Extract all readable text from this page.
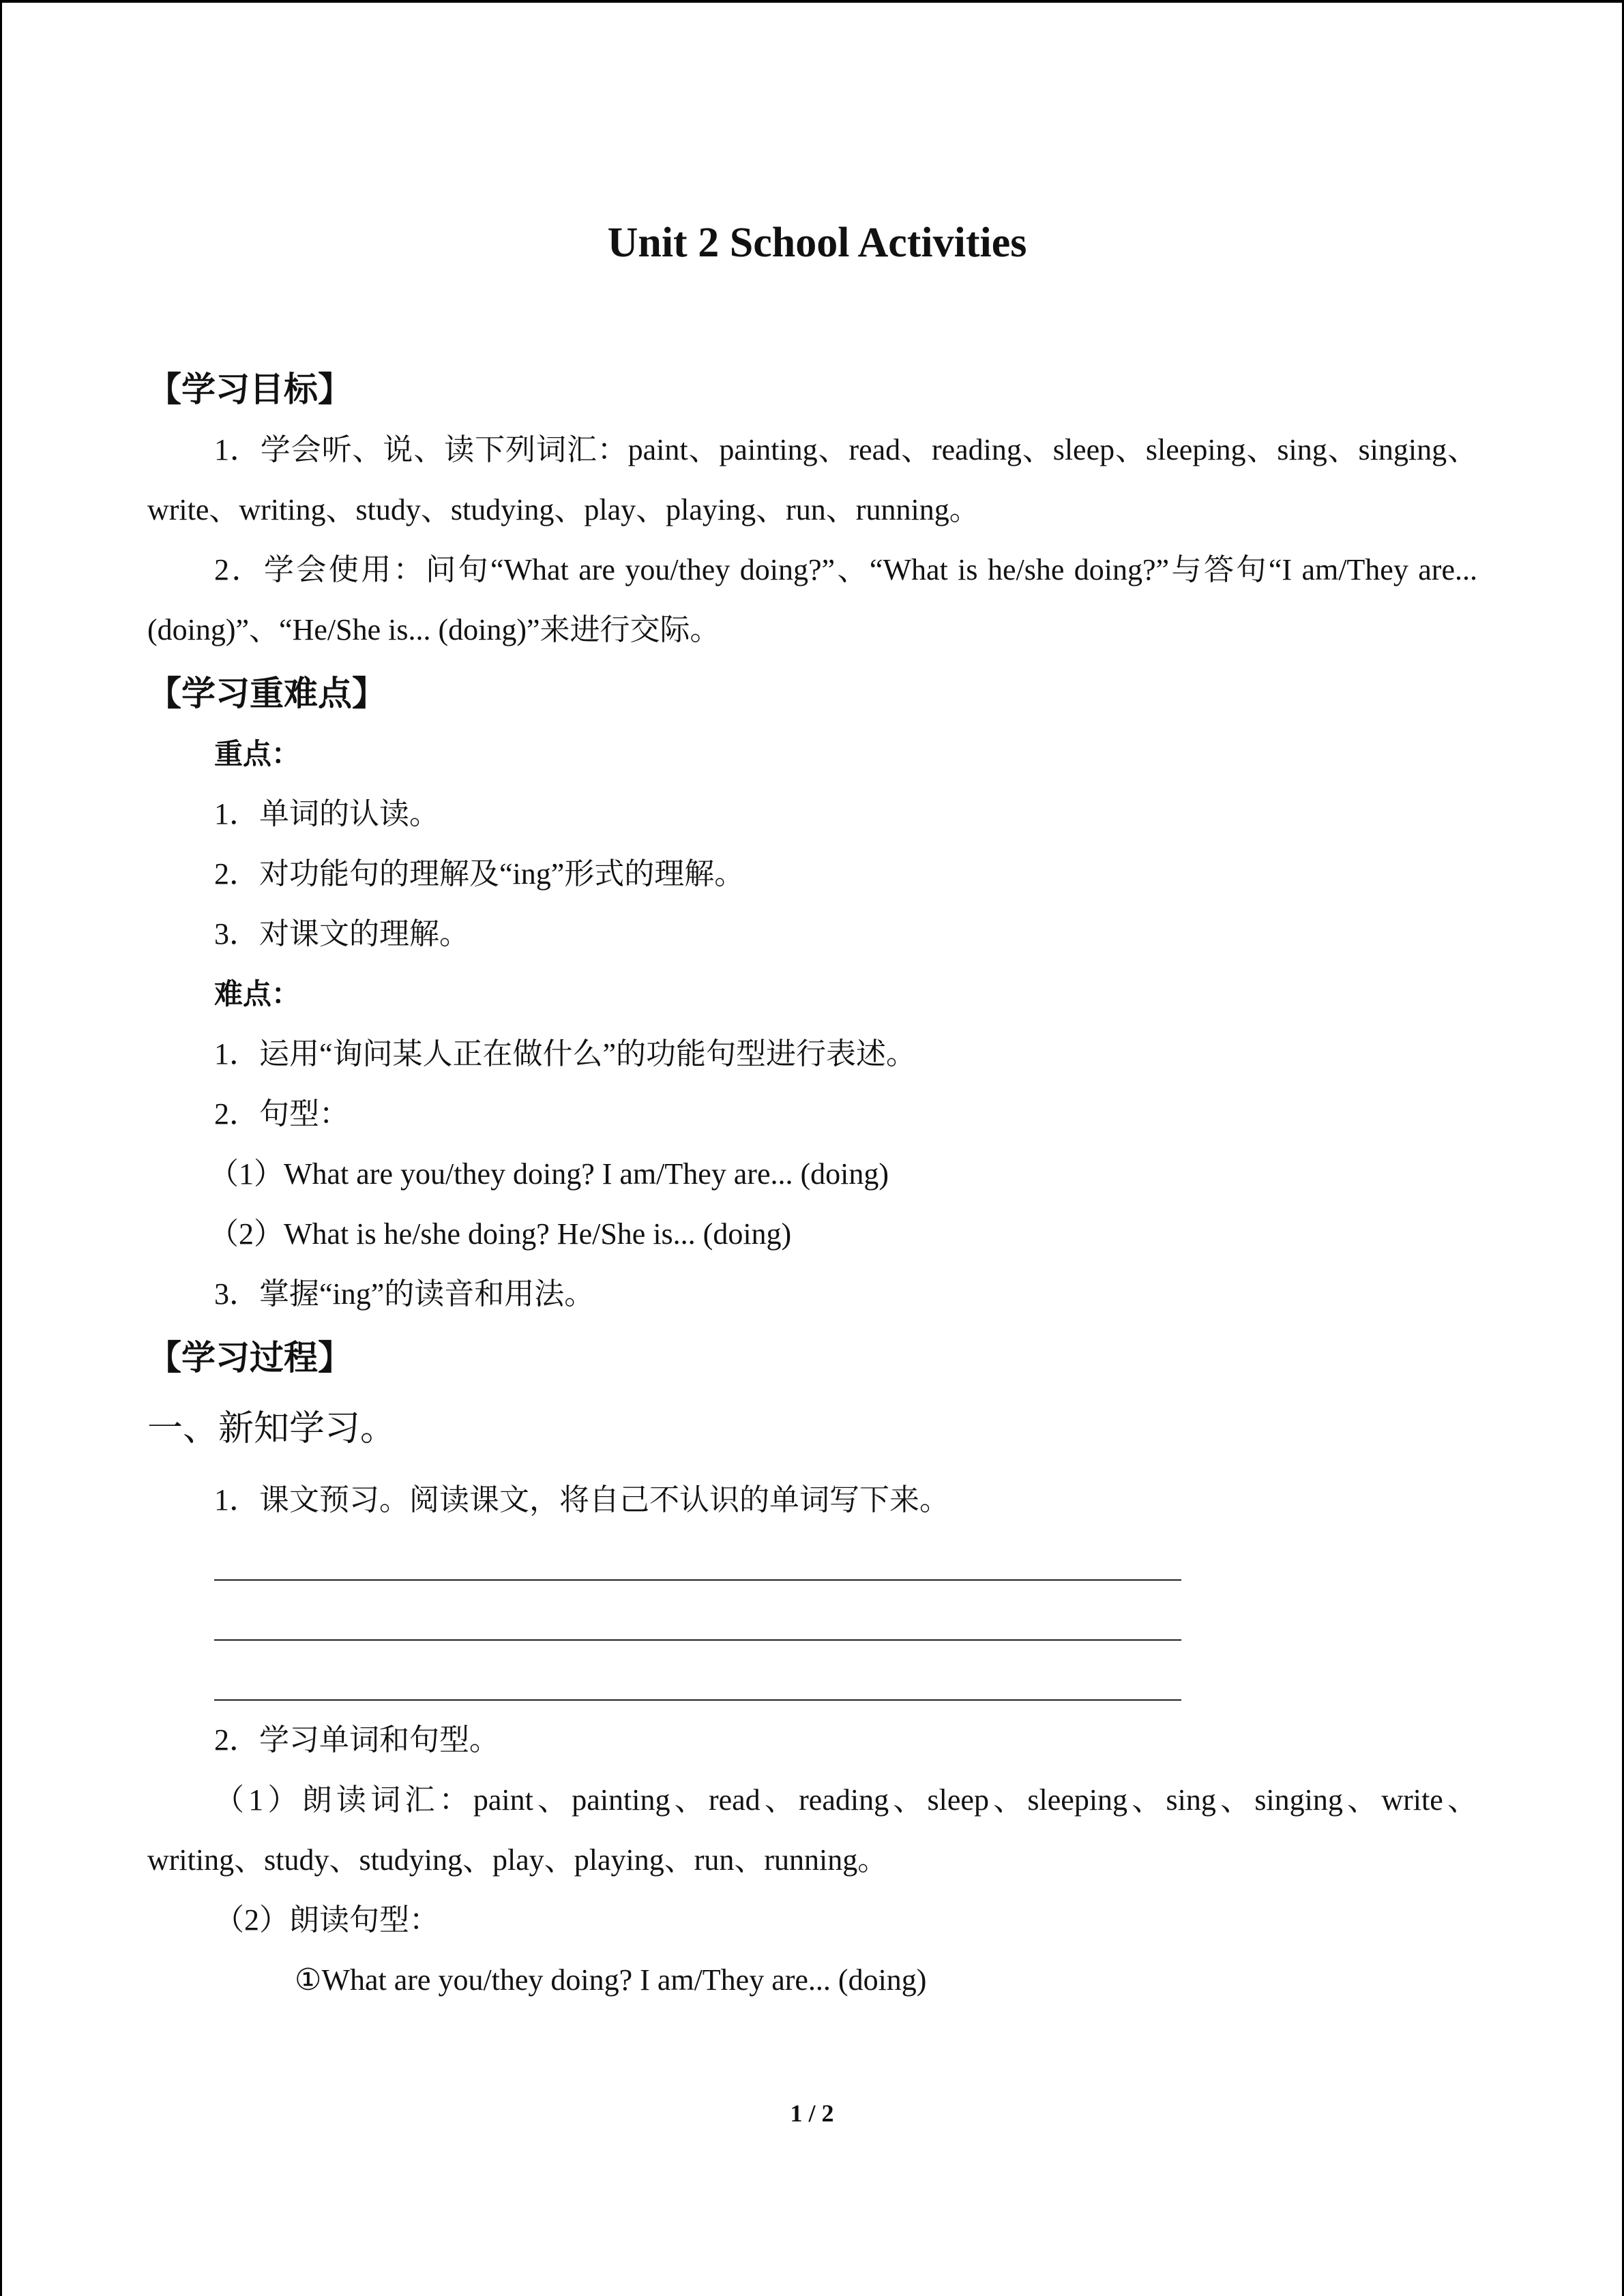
Unit 2 School Activities
【学习目标】

1．学会听、说、读下列词汇：paint、painting、read、reading、sleep、sleeping、sing、singing、write、writing、study、studying、play、playing、run、running。

2．学会使用：问句“What are you/they doing?”、“What is he/she doing?”与答句“I am/They are... (doing)”、“He/She is... (doing)”来进行交际。

【学习重难点】

重点：

1．单词的认读。

2．对功能句的理解及“ing”形式的理解。

3．对课文的理解。

难点：

1．运用“询问某人正在做什么”的功能句型进行表述。

2．句型：

（1）What are you/they doing? I am/They are... (doing)

（2）What is he/she doing? He/She is... (doing)

3．掌握“ing”的读音和用法。

【学习过程】

一、新知学习。

1．课文预习。阅读课文，将自己不认识的单词写下来。

2．学习单词和句型。

（1）朗读词汇：paint、painting、read、reading、sleep、sleeping、sing、singing、write、writing、study、studying、play、playing、run、running。

（2）朗读句型：

①What are you/they doing? I am/They are... (doing)

1 / 2
